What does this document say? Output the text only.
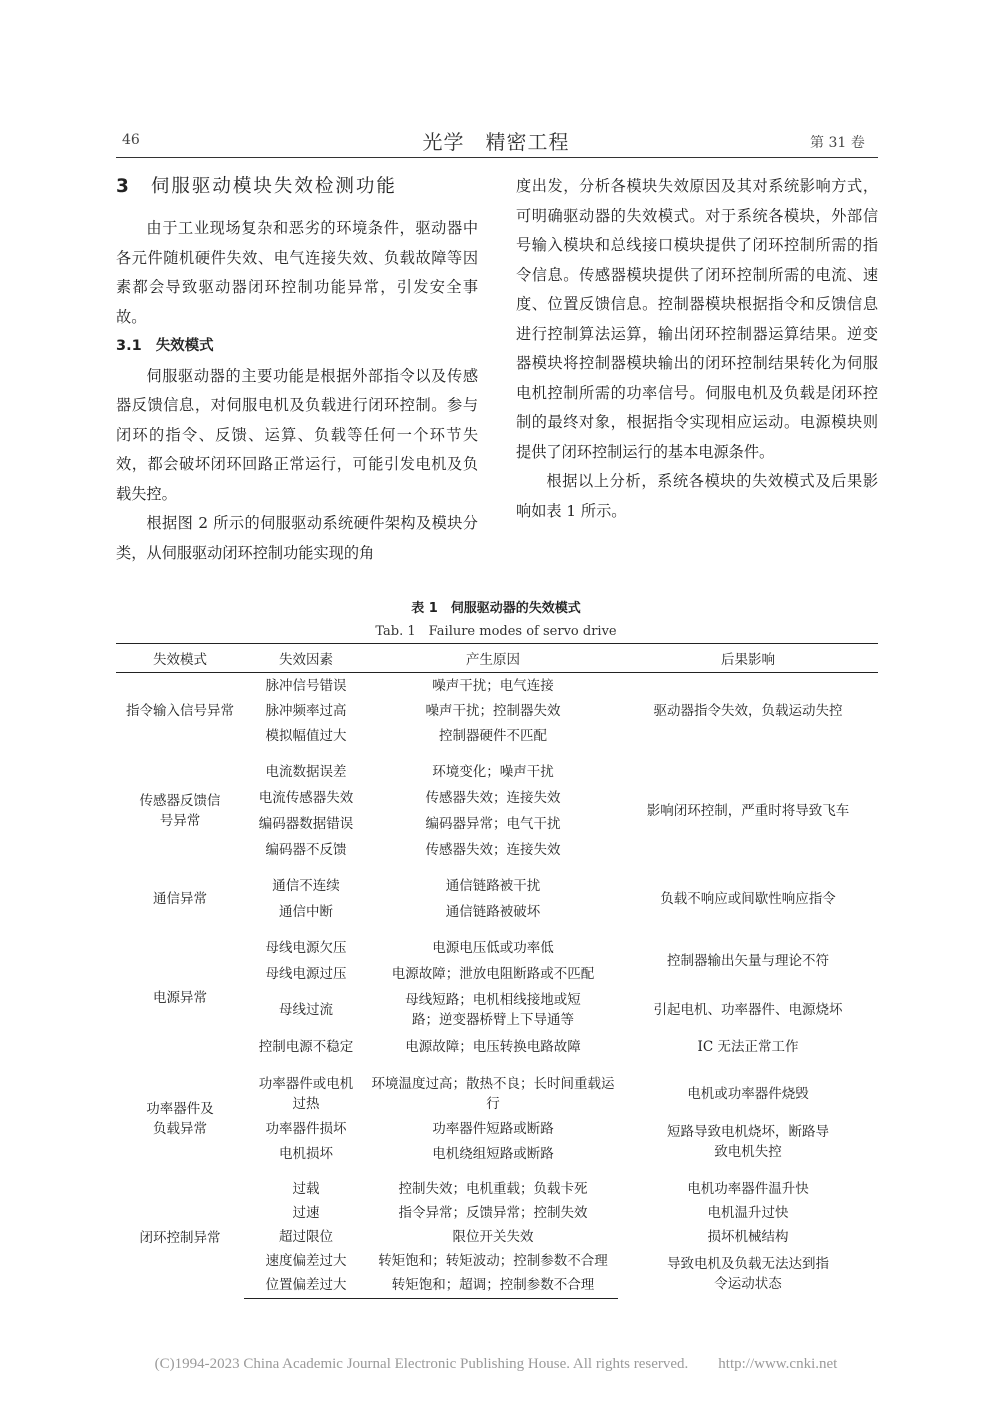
46	光学　精密工程	第 31 卷

3 伺服驱动模块失效检测功能

由于工业现场复杂和恶劣的环境条件，驱动器中各元件随机硬件失效、电气连接失效、负载故障等因素都会导致驱动器闭环控制功能异常，引发安全事故。

3.1 失效模式

伺服驱动器的主要功能是根据外部指令以及传感器反馈信息，对伺服电机及负载进行闭环控制。参与闭环的指令、反馈、运算、负载等任何一个环节失效，都会破坏闭环回路正常运行，可能引发电机及负载失控。

根据图 2 所示的伺服驱动系统硬件架构及模块分类，从伺服驱动闭环控制功能实现的角

度出发，分析各模块失效原因及其对系统影响方式，可明确驱动器的失效模式。对于系统各模块，外部信号输入模块和总线接口模块提供了闭环控制所需的指令信息。传感器模块提供了闭环控制所需的电流、速度、位置反馈信息。控制器模块根据指令和反馈信息进行控制算法运算，输出闭环控制器运算结果。逆变器模块将控制器模块输出的闭环控制结果转化为伺服电机控制所需的功率信号。伺服电机及负载是闭环控制的最终对象，根据指令实现相应运动。电源模块则提供了闭环控制运行的基本电源条件。

根据以上分析，系统各模块的失效模式及后果影响如表 1 所示。

表 1　伺服驱动器的失效模式
Tab. 1　Failure modes of servo drive
失效模式	失效因素	产生原因	后果影响
指令输入信号异常	脉冲信号错误	噪声干扰；电气连接	驱动器指令失效，负载运动失控
	脉冲频率过高	噪声干扰；控制器失效	
	模拟幅值过大	控制器硬件不匹配	

传感器反馈信号异常	电流数据误差	环境变化；噪声干扰	影响闭环控制，严重时将导致飞车
	电流传感器失效	传感器失效；连接失效	
	编码器数据错误	编码器异常；电气干扰	
	编码器不反馈	传感器失效；连接失效	

通信异常	通信不连续	通信链路被干扰	负载不响应或间歇性响应指令
	通信中断	通信链路被破坏	

电源异常	母线电源欠压	电源电压低或功率低	控制器输出矢量与理论不符
	母线电源过压	电源故障；泄放电阻断路或不匹配	
	母线过流	母线短路；电机相线接地或短路；逆变器桥臂上下导通等	引起电机、功率器件、电源烧坏
	控制电源不稳定	电源故障；电压转换电路故障	IC 无法正常工作

功率器件及负载异常	功率器件或电机过热	环境温度过高；散热不良；长时间重载运行	电机或功率器件烧毁
	功率器件损坏	功率器件短路或断路	短路导致电机烧坏，断路导致电机失控
	电机损坏	电机绕组短路或断路	

闭环控制异常	过载	控制失效；电机重载；负载卡死	电机功率器件温升快
	过速	指令异常；反馈异常；控制失效	电机温升过快
	超过限位	限位开关失效	损坏机械结构
	速度偏差过大	转矩饱和；转矩波动；控制参数不合理	导致电机及负载无法达到指令运动状态
	位置偏差过大	转矩饱和；超调；控制参数不合理	
(C)1994-2023 China Academic Journal Electronic Publishing House. All rights reserved.　　http://www.cnki.net
